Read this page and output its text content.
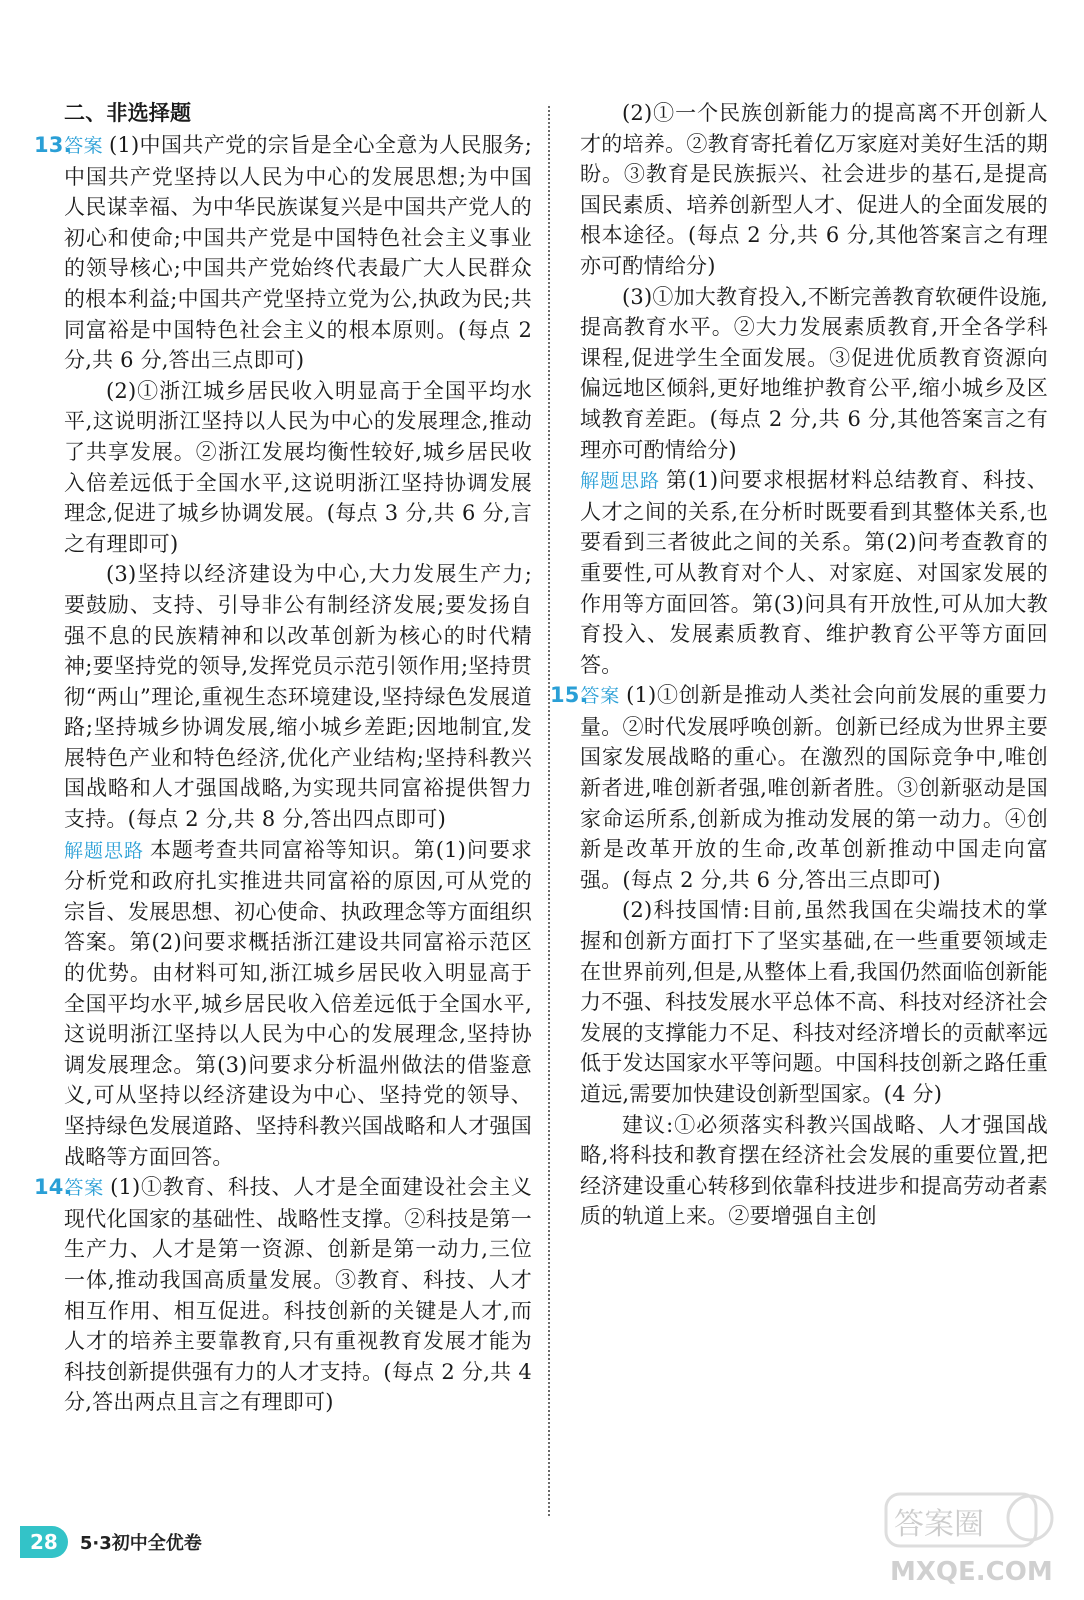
二、非选择题

13.答案 (1)中国共产党的宗旨是全心全意为人民服务;中国共产党坚持以人民为中心的发展思想;为中国人民谋幸福、为中华民族谋复兴是中国共产党人的初心和使命;中国共产党是中国特色社会主义事业的领导核心;中国共产党始终代表最广大人民群众的根本利益;中国共产党坚持立党为公,执政为民;共同富裕是中国特色社会主义的根本原则。(每点 2 分,共 6 分,答出三点即可)

(2)①浙江城乡居民收入明显高于全国平均水平,这说明浙江坚持以人民为中心的发展理念,推动了共享发展。②浙江发展均衡性较好,城乡居民收入倍差远低于全国水平,这说明浙江坚持协调发展理念,促进了城乡协调发展。(每点 3 分,共 6 分,言之有理即可)

(3)坚持以经济建设为中心,大力发展生产力;要鼓励、支持、引导非公有制经济发展;要发扬自强不息的民族精神和以改革创新为核心的时代精神;要坚持党的领导,发挥党员示范引领作用;坚持贯彻“两山”理论,重视生态环境建设,坚持绿色发展道路;坚持城乡协调发展,缩小城乡差距;因地制宜,发展特色产业和特色经济,优化产业结构;坚持科教兴国战略和人才强国战略,为实现共同富裕提供智力支持。(每点 2 分,共 8 分,答出四点即可)

解题思路 本题考查共同富裕等知识。第(1)问要求分析党和政府扎实推进共同富裕的原因,可从党的宗旨、发展思想、初心使命、执政理念等方面组织答案。第(2)问要求概括浙江建设共同富裕示范区的优势。由材料可知,浙江城乡居民收入明显高于全国平均水平,城乡居民收入倍差远低于全国水平,这说明浙江坚持以人民为中心的发展理念,坚持协调发展理念。第(3)问要求分析温州做法的借鉴意义,可从坚持以经济建设为中心、坚持党的领导、坚持绿色发展道路、坚持科教兴国战略和人才强国战略等方面回答。

14.答案 (1)①教育、科技、人才是全面建设社会主义现代化国家的基础性、战略性支撑。②科技是第一生产力、人才是第一资源、创新是第一动力,三位一体,推动我国高质量发展。③教育、科技、人才相互作用、相互促进。科技创新的关键是人才,而人才的培养主要靠教育,只有重视教育发展才能为科技创新提供强有力的人才支持。(每点 2 分,共 4 分,答出两点且言之有理即可)

(2)①一个民族创新能力的提高离不开创新人才的培养。②教育寄托着亿万家庭对美好生活的期盼。③教育是民族振兴、社会进步的基石,是提高国民素质、培养创新型人才、促进人的全面发展的根本途径。(每点 2 分,共 6 分,其他答案言之有理亦可酌情给分)

(3)①加大教育投入,不断完善教育软硬件设施,提高教育水平。②大力发展素质教育,开全各学科课程,促进学生全面发展。③促进优质教育资源向偏远地区倾斜,更好地维护教育公平,缩小城乡及区域教育差距。(每点 2 分,共 6 分,其他答案言之有理亦可酌情给分)

解题思路 第(1)问要求根据材料总结教育、科技、人才之间的关系,在分析时既要看到其整体关系,也要看到三者彼此之间的关系。第(2)问考查教育的重要性,可从教育对个人、对家庭、对国家发展的作用等方面回答。第(3)问具有开放性,可从加大教育投入、发展素质教育、维护教育公平等方面回答。

15.答案 (1)①创新是推动人类社会向前发展的重要力量。②时代发展呼唤创新。创新已经成为世界主要国家发展战略的重心。在激烈的国际竞争中,唯创新者进,唯创新者强,唯创新者胜。③创新驱动是国家命运所系,创新成为推动发展的第一动力。④创新是改革开放的生命,改革创新推动中国走向富强。(每点 2 分,共 6 分,答出三点即可)

(2)科技国情:目前,虽然我国在尖端技术的掌握和创新方面打下了坚实基础,在一些重要领域走在世界前列,但是,从整体上看,我国仍然面临创新能力不强、科技发展水平总体不高、科技对经济社会发展的支撑能力不足、科技对经济增长的贡献率远低于发达国家水平等问题。中国科技创新之路任重道远,需要加快建设创新型国家。(4 分)

建议:①必须落实科教兴国战略、人才强国战略,将科技和教育摆在经济社会发展的重要位置,把经济建设重心转移到依靠科技进步和提高劳动者素质的轨道上来。②要增强自主创

28	5·3初中全优卷
答案圈
MXQE.COM
